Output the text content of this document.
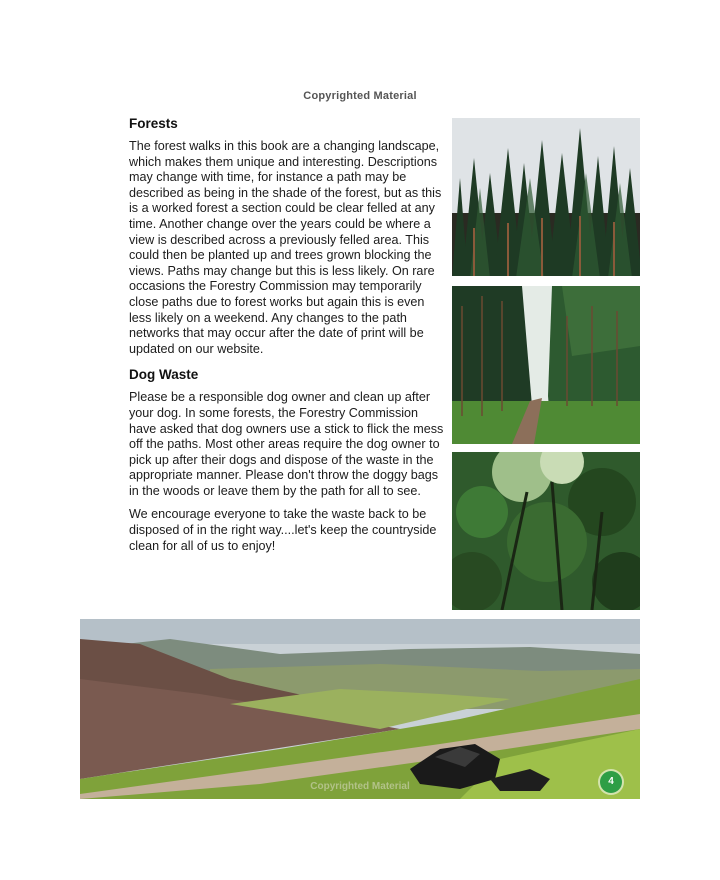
Copyrighted Material
Forests

The forest walks in this book are a changing landscape, which makes them unique and interesting. Descriptions may change with time, for instance a path may be described as being in the shade of the forest, but as this is a worked forest a section could be clear felled at any time. Another change over the years could be where a view is described across a previously felled area. This could then be planted up and trees grown blocking the views. Paths may change but this is less likely. On rare occasions the Forestry Commission may temporarily close paths due to forest works but again this is even less likely on a weekend. Any changes to the path networks that may occur after the date of print will be updated on our website.

Dog Waste

Please be a responsible dog owner and clean up after your dog. In some forests, the Forestry Commission have asked that dog owners use a stick to flick the mess off the paths. Most other areas require the dog owner to pick up after their dogs and dispose of the waste in the appropriate manner. Please don't throw the doggy bags in the woods or leave them by the path for all to see.

We encourage everyone to take the waste back to be disposed of in the right way....let's keep the countryside clean for all of us to enjoy!

Copyrighted Material	4
